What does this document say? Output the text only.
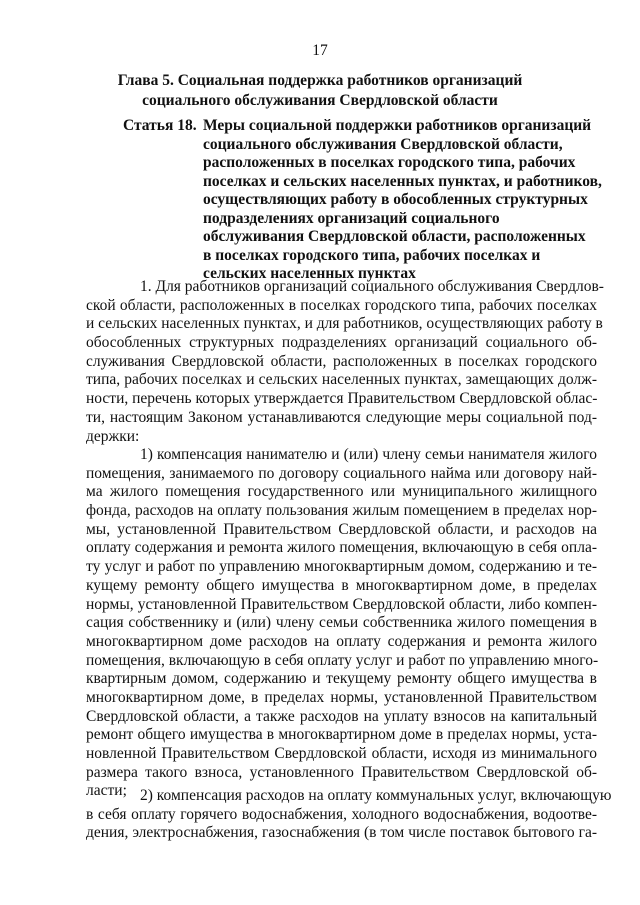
17
Глава 5. Социальная поддержка работников организаций
социального обслуживания Свердловской области
Статья 18. Меры социальной поддержки работников организаций
социального обслуживания Свердловской области,
расположенных в поселках городского типа, рабочих
поселках и сельских населенных пунктах, и работников,
осуществляющих работу в обособленных структурных
подразделениях организаций социального
обслуживания Свердловской области, расположенных
в поселках городского типа, рабочих поселках и
сельских населенных пунктах
1. Для работников организаций социального обслуживания Свердлов-
ской области, расположенных в поселках городского типа, рабочих поселках
и сельских населенных пунктах, и для работников, осуществляющих работу в
обособленных структурных подразделениях организаций социального об-
служивания Свердловской области, расположенных в поселках городского
типа, рабочих поселках и сельских населенных пунктах, замещающих долж-
ности, перечень которых утверждается Правительством Свердловской облас-
ти, настоящим Законом устанавливаются следующие меры социальной под-
держки:
1) компенсация нанимателю и (или) члену семьи нанимателя жилого
помещения, занимаемого по договору социального найма или договору най-
ма жилого помещения государственного или муниципального жилищного
фонда, расходов на оплату пользования жилым помещением в пределах нор-
мы, установленной Правительством Свердловской области, и расходов на
оплату содержания и ремонта жилого помещения, включающую в себя опла-
ту услуг и работ по управлению многоквартирным домом, содержанию и те-
кущему ремонту общего имущества в многоквартирном доме, в пределах
нормы, установленной Правительством Свердловской области, либо компен-
сация собственнику и (или) члену семьи собственника жилого помещения в
многоквартирном доме расходов на оплату содержания и ремонта жилого
помещения, включающую в себя оплату услуг и работ по управлению много-
квартирным домом, содержанию и текущему ремонту общего имущества в
многоквартирном доме, в пределах нормы, установленной Правительством
Свердловской области, а также расходов на уплату взносов на капитальный
ремонт общего имущества в многоквартирном доме в пределах нормы, уста-
новленной Правительством Свердловской области, исходя из минимального
размера такого взноса, установленного Правительством Свердловской об-
ласти; 2) компенсация расходов на оплату коммунальных услуг, включающую
в себя оплату горячего водоснабжения, холодного водоснабжения, водоотве-
дения, электроснабжения, газоснабжения (в том числе поставок бытового га-
